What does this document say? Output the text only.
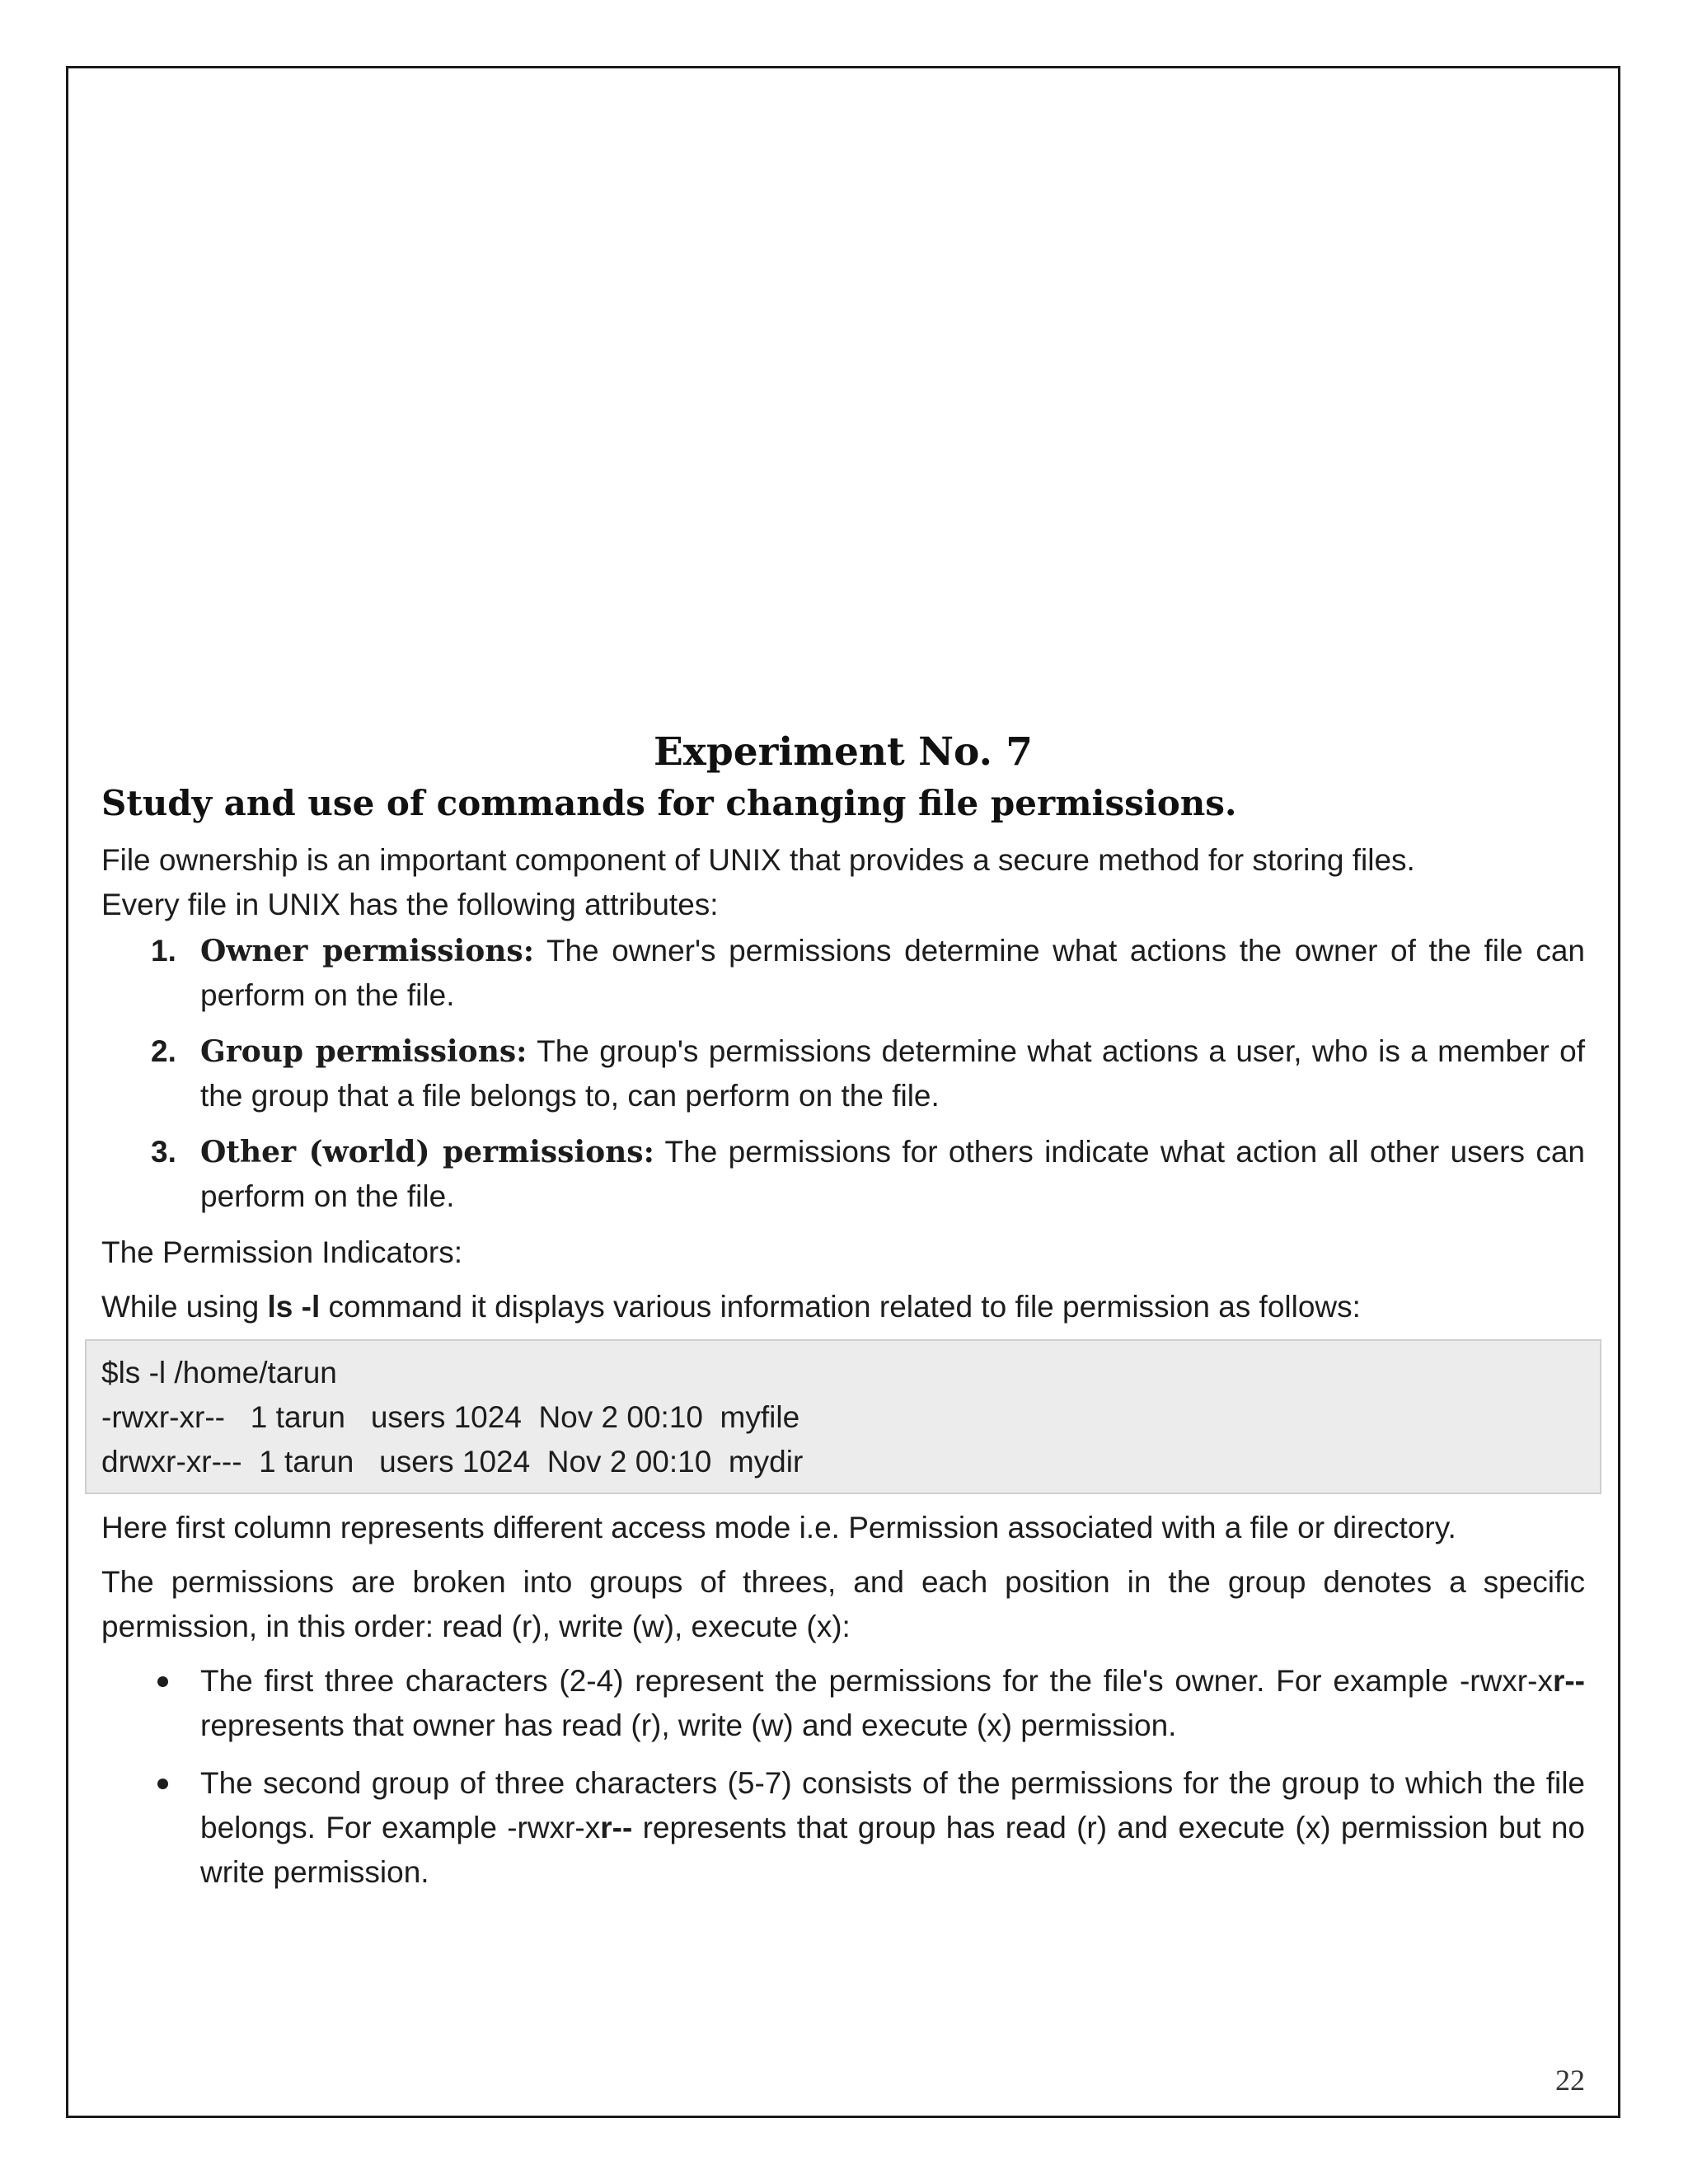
Experiment No. 7
Study and use of commands for changing file permissions.

File ownership is an important component of UNIX that provides a secure method for storing files.

Every file in UNIX has the following attributes:

1. Owner permissions: The owner's permissions determine what actions the owner of the file can perform on the file.
2. Group permissions: The group's permissions determine what actions a user, who is a member of the group that a file belongs to, can perform on the file.
3. Other (world) permissions: The permissions for others indicate what action all other users can perform on the file.

The Permission Indicators:

While using ls -l command it displays various information related to file permission as follows:

$ls -l /home/tarun
-rwxr-xr--   1 tarun   users 1024  Nov 2 00:10  myfile
drwxr-xr---  1 tarun   users 1024  Nov 2 00:10  mydir

Here first column represents different access mode i.e. Permission associated with a file or directory.

The permissions are broken into groups of threes, and each position in the group denotes a specific permission, in this order: read (r), write (w), execute (x):

The first three characters (2-4) represent the permissions for the file's owner. For example -rwxr-xr-- represents that owner has read (r), write (w) and execute (x) permission.
The second group of three characters (5-7) consists of the permissions for the group to which the file belongs. For example -rwxr-xr-- represents that group has read (r) and execute (x) permission but no write permission.
22
